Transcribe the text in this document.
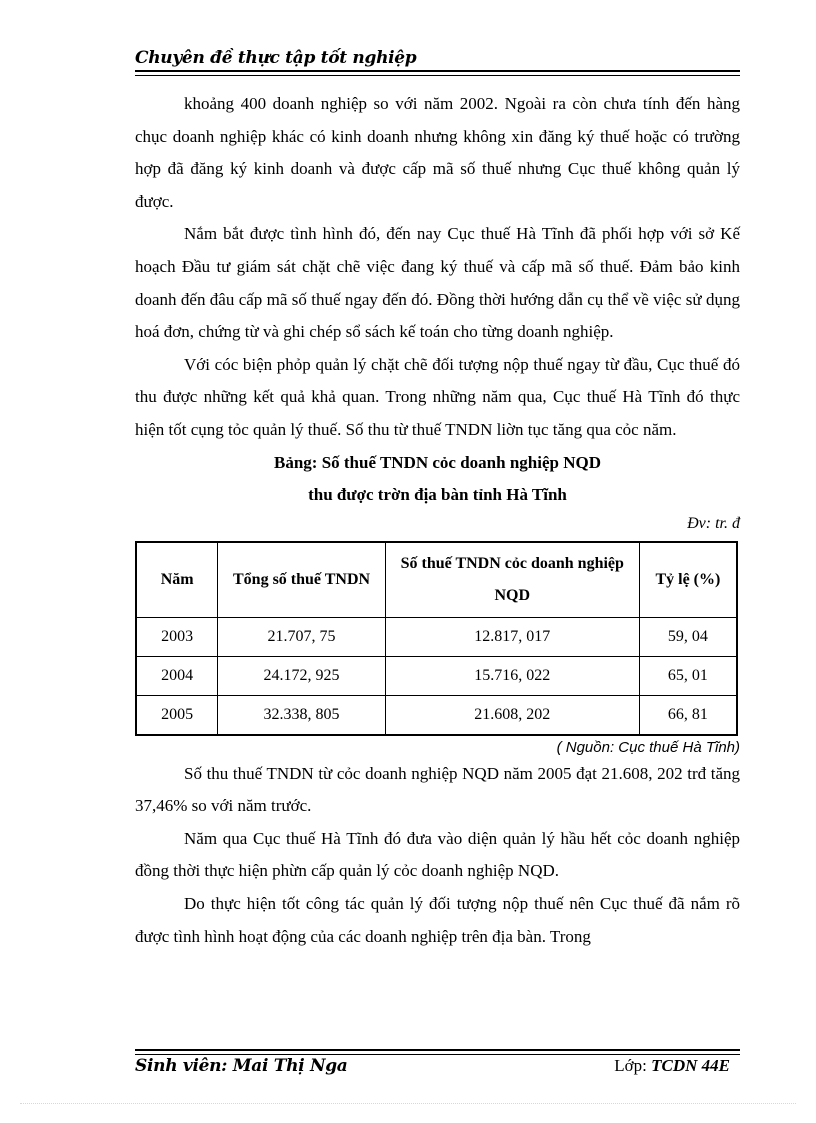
Chuyên đề thực tập tốt nghiệp

khoảng 400 doanh nghiệp so với năm 2002. Ngoài ra còn chưa tính đến hàng chục doanh nghiệp khác có kinh doanh nhưng không xin đăng ký thuế hoặc có trường hợp đã đăng ký kinh doanh và được cấp mã số thuế nhưng Cục thuế không quản lý được.

Nắm bắt được tình hình đó, đến nay Cục thuế Hà Tĩnh đã phối hợp với sở Kế hoạch Đầu tư giám sát chặt chẽ việc đang ký thuế và cấp mã số thuế. Đảm bảo kinh doanh đến đâu cấp mã số thuế ngay đến đó. Đồng thời hướng dẫn cụ thể về việc sử dụng hoá đơn, chứng từ và ghi chép sổ sách kế toán cho từng doanh nghiệp.

Với cóc biện phỏp quản lý chặt chẽ đối tượng nộp thuế ngay từ đầu, Cục thuế đó thu được những kết quả khả quan. Trong những năm qua, Cục thuế Hà Tĩnh đó thực hiện tốt cụng tỏc quản lý thuế. Số thu từ thuế TNDN liờn tục tăng qua cỏc năm.

Bảng: Số thuế TNDN cỏc doanh nghiệp NQD

thu được trờn địa bàn tỉnh Hà Tĩnh

Đv: tr. đ

Năm	Tổng số thuế TNDN	Số thuế TNDN cỏc doanh nghiệp NQD	Tỷ lệ (%)
2003	21.707, 75	12.817, 017	59, 04
2004	24.172, 925	15.716, 022	65, 01
2005	32.338, 805	21.608, 202	66, 81

( Nguồn: Cục thuế Hà Tĩnh)

Số thu thuế TNDN từ cỏc doanh nghiệp NQD năm 2005 đạt 21.608, 202 trđ tăng 37,46% so với năm trước.

Năm qua Cục thuế Hà Tĩnh đó đưa vào diện quản lý hầu hết cỏc doanh nghiệp đồng thời thực hiện phừn cấp quản lý cỏc doanh nghiệp NQD.

Do thực hiện tốt công tác quản lý đối tượng nộp thuế nên Cục thuế đã nắm rõ được tình hình hoạt động của các doanh nghiệp trên địa bàn. Trong

Sinh viên: Mai Thị Nga	Lớp: TCDN 44E
